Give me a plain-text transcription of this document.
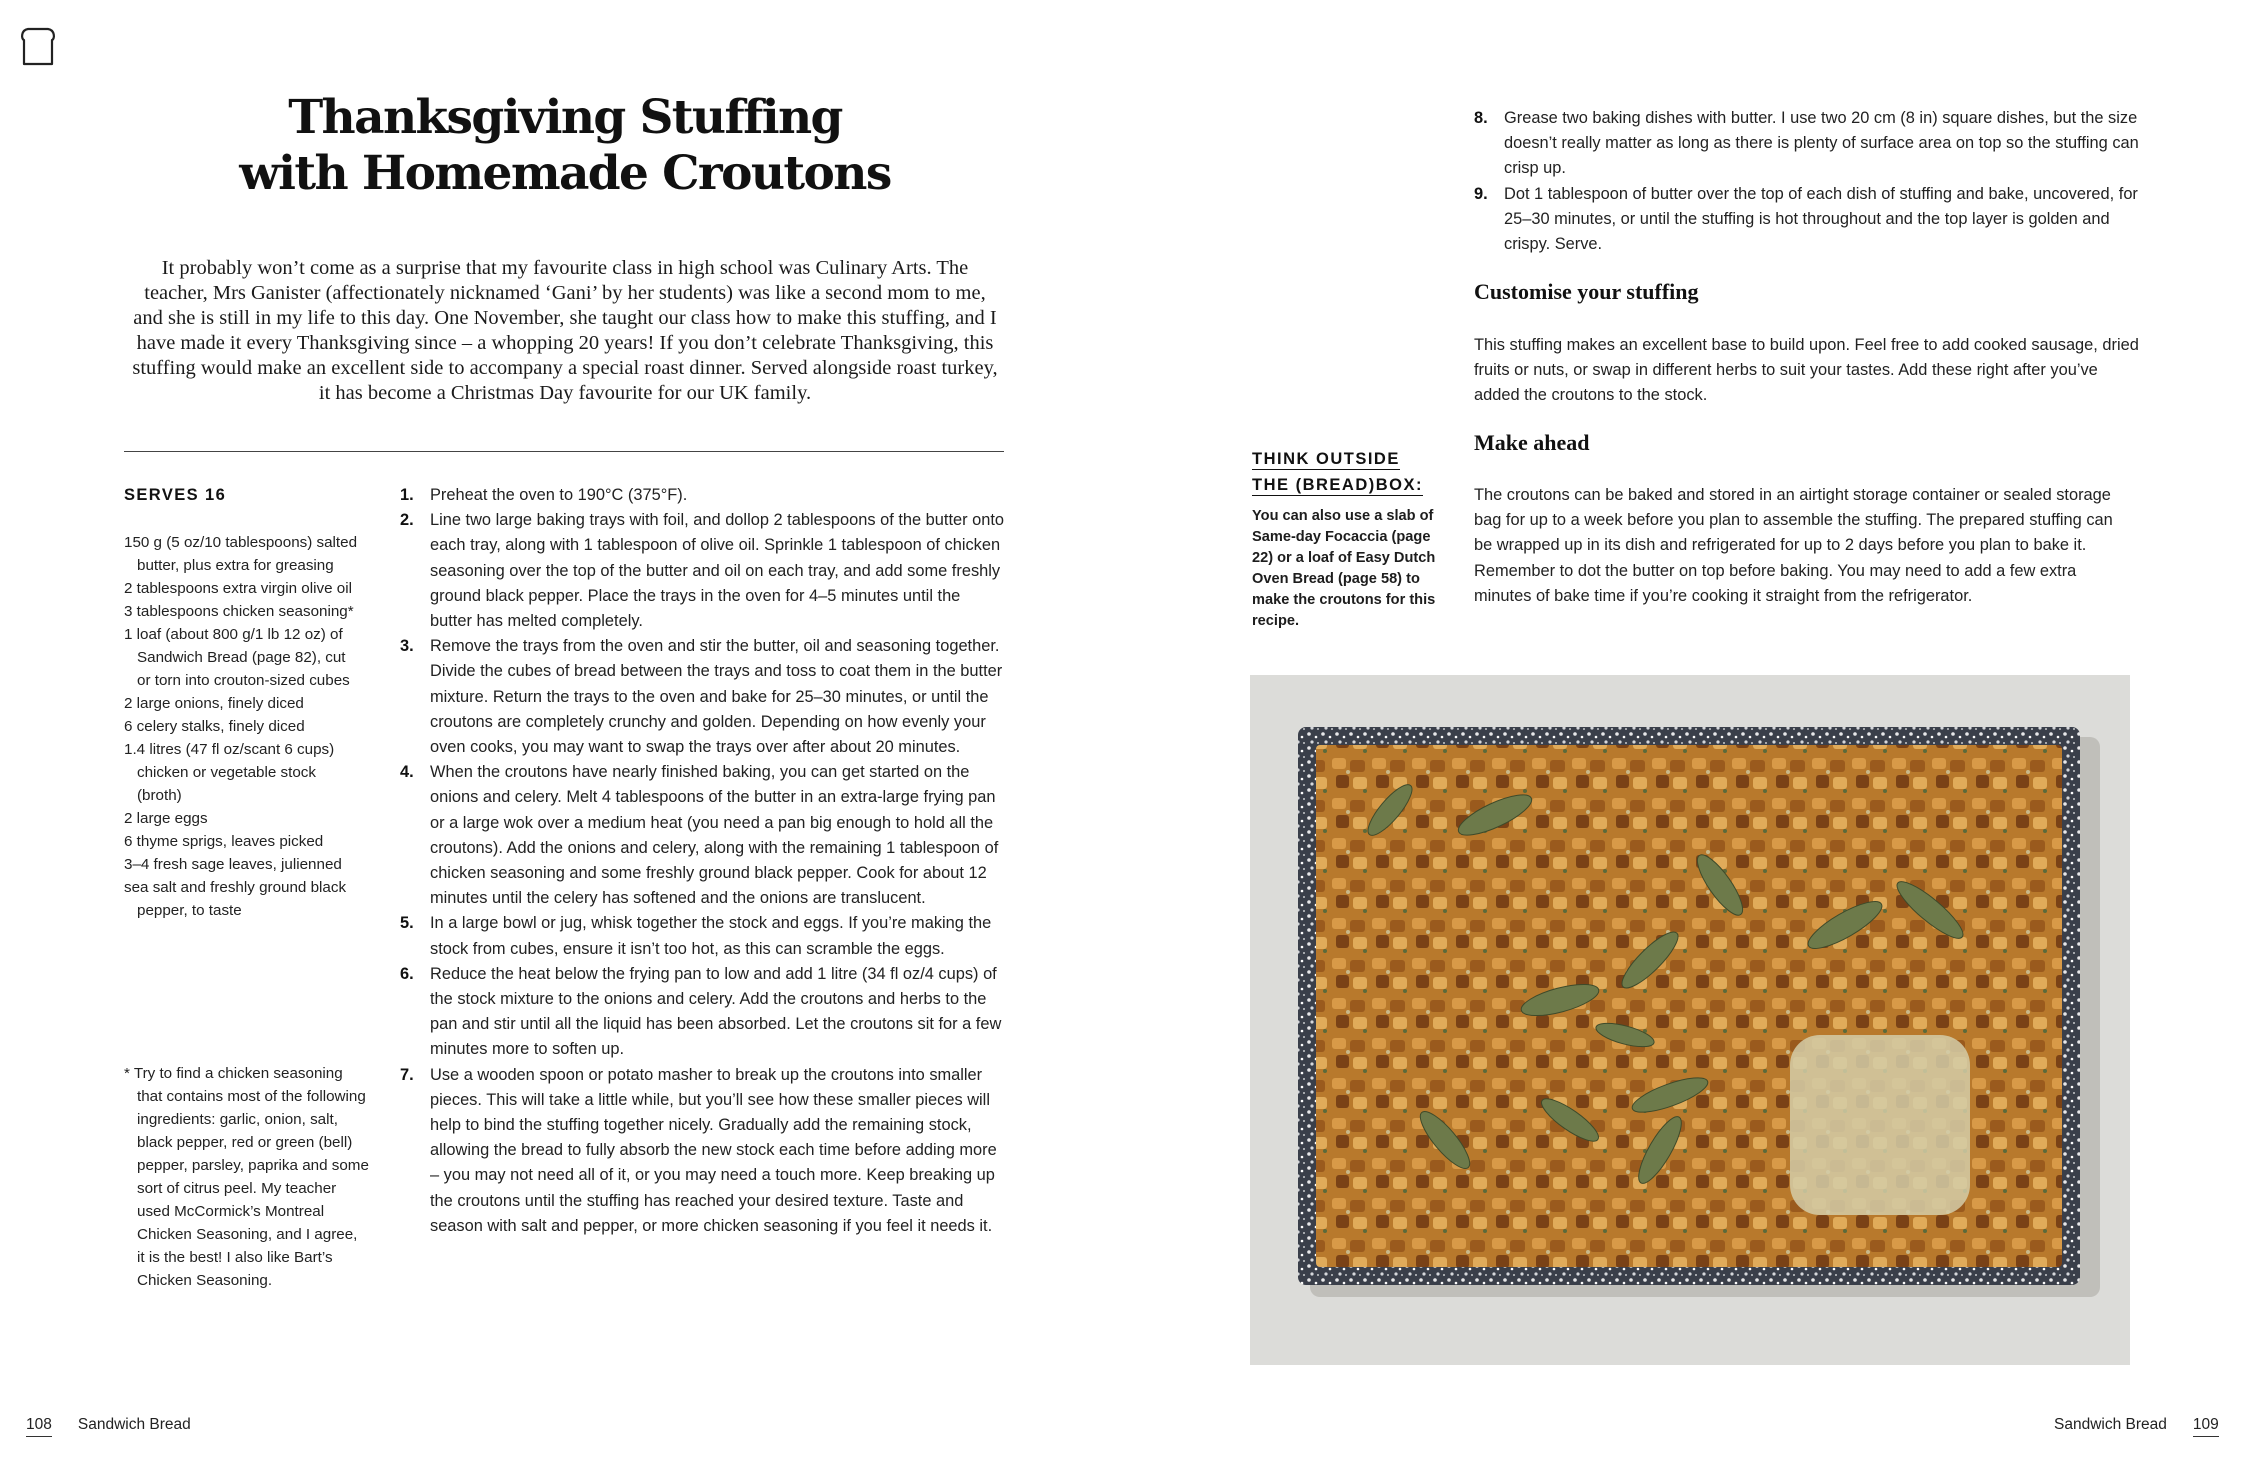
Thanksgiving Stuffing
with Homemade Croutons

It probably won’t come as a surprise that my favourite class in high school was Culinary Arts. The teacher, Mrs Ganister (affectionately nicknamed ‘Gani’ by her students) was like a second mom to me, and she is still in my life to this day. One November, she taught our class how to make this stuffing, and I have made it every Thanksgiving since – a whopping 20 years! If you don’t celebrate Thanksgiving, this stuffing would make an excellent side to accompany a special roast dinner. Served alongside roast turkey, it has become a Christmas Day favourite for our UK family.

SERVES 16

150 g (5 oz/10 tablespoons) salted butter, plus extra for greasing
2 tablespoons extra virgin olive oil
3 tablespoons chicken seasoning*
1 loaf (about 800 g/1 lb 12 oz) of Sandwich Bread (page 82), cut or torn into crouton-sized cubes
2 large onions, finely diced
6 celery stalks, finely diced
1.4 litres (47 fl oz/scant 6 cups) chicken or vegetable stock (broth)
2 large eggs
6 thyme sprigs, leaves picked
3–4 fresh sage leaves, julienned
sea salt and freshly ground black pepper, to taste

* Try to find a chicken seasoning that contains most of the following ingredients: garlic, onion, salt, black pepper, red or green (bell) pepper, parsley, paprika and some sort of citrus peel. My teacher used McCormick’s Montreal Chicken Seasoning, and I agree, it is the best! I also like Bart’s Chicken Seasoning.

1. Preheat the oven to 190°C (375°F).
2. Line two large baking trays with foil, and dollop 2 tablespoons of the butter onto each tray, along with 1 tablespoon of olive oil. Sprinkle 1 tablespoon of chicken seasoning over the top of the butter and oil on each tray, and add some freshly ground black pepper. Place the trays in the oven for 4–5 minutes until the butter has melted completely.
3. Remove the trays from the oven and stir the butter, oil and seasoning together. Divide the cubes of bread between the trays and toss to coat them in the butter mixture. Return the trays to the oven and bake for 25–30 minutes, or until the croutons are completely crunchy and golden. Depending on how evenly your oven cooks, you may want to swap the trays over after about 20 minutes.
4. When the croutons have nearly finished baking, you can get started on the onions and celery. Melt 4 tablespoons of the butter in an extra-large frying pan or a large wok over a medium heat (you need a pan big enough to hold all the croutons). Add the onions and celery, along with the remaining 1 tablespoon of chicken seasoning and some freshly ground black pepper. Cook for about 12 minutes until the celery has softened and the onions are translucent.
5. In a large bowl or jug, whisk together the stock and eggs. If you’re making the stock from cubes, ensure it isn’t too hot, as this can scramble the eggs.
6. Reduce the heat below the frying pan to low and add 1 litre (34 fl oz/4 cups) of the stock mixture to the onions and celery. Add the croutons and herbs to the pan and stir until all the liquid has been absorbed. Let the croutons sit for a few minutes more to soften up.
7. Use a wooden spoon or potato masher to break up the croutons into smaller pieces. This will take a little while, but you’ll see how these smaller pieces will help to bind the stuffing together nicely. Gradually add the remaining stock, allowing the bread to fully absorb the new stock each time before adding more – you may not need all of it, or you may need a touch more. Keep breaking up the croutons until the stuffing has reached your desired texture. Taste and season with salt and pepper, or more chicken seasoning if you feel it needs it.
8. Grease two baking dishes with butter. I use two 20 cm (8 in) square dishes, but the size doesn’t really matter as long as there is plenty of surface area on top so the stuffing can crisp up.
9. Dot 1 tablespoon of butter over the top of each dish of stuffing and bake, uncovered, for 25–30 minutes, or until the stuffing is hot throughout and the top layer is golden and crispy. Serve.
Customise your stuffing

This stuffing makes an excellent base to build upon. Feel free to add cooked sausage, dried fruits or nuts, or swap in different herbs to suit your tastes. Add these right after you’ve added the croutons to the stock.

Make ahead

The croutons can be baked and stored in an airtight storage container or sealed storage bag for up to a week before you plan to assemble the stuffing. The prepared stuffing can be wrapped up in its dish and refrigerated for up to 2 days before you plan to bake it. Remember to dot the butter on top before baking. You may need to add a few extra minutes of bake time if you’re cooking it straight from the refrigerator.

THINK OUTSIDE
THE (BREAD)BOX:

You can also use a slab of Same-day Focaccia (page 22) or a loaf of Easy Dutch Oven Bread (page 58) to make the croutons for this recipe.

108 Sandwich Bread	Sandwich Bread 109
